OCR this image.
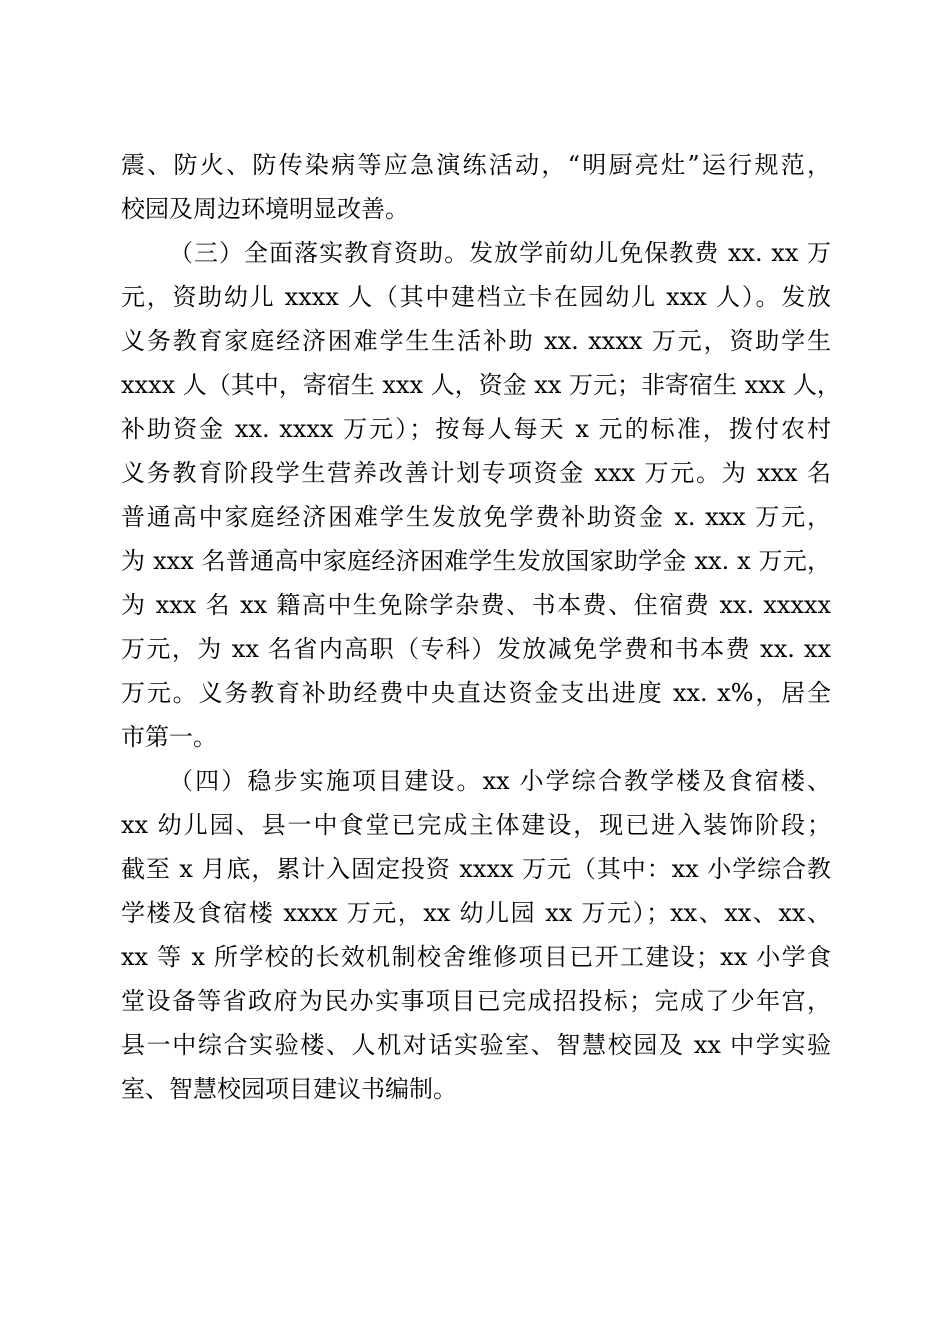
震、防火、防传染病等应急演练活动，“明厨亮灶”运行规范，
校园及周边环境明显改善。
（三）全面落实教育资助。发放学前幼儿免保教费 xx. xx 万
元，资助幼儿 xxxx 人（其中建档立卡在园幼儿 xxx 人）。发放
义务教育家庭经济困难学生生活补助 xx. xxxx 万元，资助学生
xxxx 人（其中，寄宿生 xxx 人，资金 xx 万元；非寄宿生 xxx 人，
补助资金 xx. xxxx 万元）；按每人每天 x 元的标准，拨付农村
义务教育阶段学生营养改善计划专项资金 xxx 万元。为 xxx 名
普通高中家庭经济困难学生发放免学费补助资金 x. xxx 万元，
为 xxx 名普通高中家庭经济困难学生发放国家助学金 xx. x 万元，
为 xxx 名 xx 籍高中生免除学杂费、书本费、住宿费 xx. xxxxx
万元，为 xx 名省内高职（专科）发放减免学费和书本费 xx. xx
万元。义务教育补助经费中央直达资金支出进度 xx. x%，居全
市第一。
（四）稳步实施项目建设。xx 小学综合教学楼及食宿楼、
xx 幼儿园、县一中食堂已完成主体建设，现已进入装饰阶段；
截至 x 月底，累计入固定投资 xxxx 万元（其中：xx 小学综合教
学楼及食宿楼 xxxx 万元，xx 幼儿园 xx 万元）；xx、xx、xx、
xx 等 x 所学校的长效机制校舍维修项目已开工建设；xx 小学食
堂设备等省政府为民办实事项目已完成招投标；完成了少年宫，
县一中综合实验楼、人机对话实验室、智慧校园及 xx 中学实验
室、智慧校园项目建议书编制。
